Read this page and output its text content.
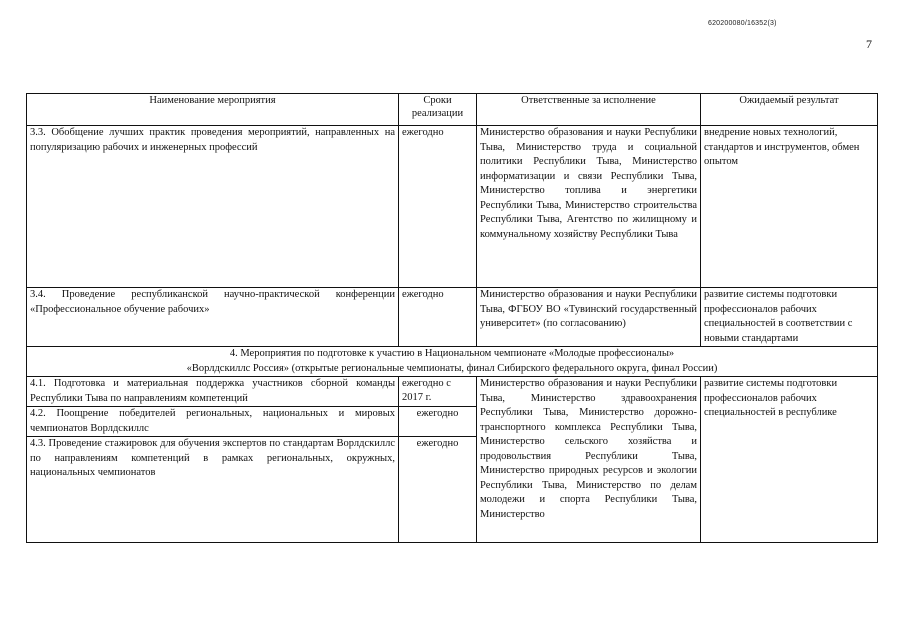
620200080/16352(3)
7
Наименование мероприятия	Сроки реализации	Ответственные за исполнение	Ожидаемый результат
3.3. Обобщение лучших практик проведения мероприятий, направленных на популяризацию рабочих и инженерных профессий	ежегодно	Министерство образования и науки Республики Тыва, Министерство труда и социальной политики Республики Тыва, Министерство информатизации и связи Республики Тыва, Министерство топлива и энергетики Республики Тыва, Министерство строительства Республики Тыва, Агентство по жилищному и коммунальному хозяйству Республики Тыва	внедрение новых технологий, стандартов и инструментов, обмен опытом
3.4. Проведение республиканской научно-практической конференции «Профессиональное обучение рабочих»	ежегодно	Министерство образования и науки Республики Тыва, ФГБОУ ВО «Тувинский государственный университет» (по согласованию)	развитие системы подготовки профессионалов рабочих специальностей в соответствии с новыми стандартами

4. Мероприятия по подготовке к участию в Национальном чемпионате «Молодые профессионалы»
«Ворлдскиллс Россия» (открытые региональные чемпионаты, финал Сибирского федерального округа, финал России)			

4.1. Подготовка и материальная поддержка участников сборной команды Республики Тыва по направлениям компетенций	ежегодно с 2017 г.	Министерство образования и науки Республики Тыва, Министерство здравоохранения Республики Тыва, Министерство дорожно-транспортного комплекса Республики Тыва, Министерство сельского хозяйства и продовольствия Республики Тыва, Министерство природных ресурсов и экологии Республики Тыва, Министерство по делам молодежи и спорта Республики Тыва, Министерство	развитие системы подготовки профессионалов рабочих специальностей в республике
4.2. Поощрение победителей региональных, национальных и мировых чемпионатов Ворлдскиллс	ежегодно		
4.3. Проведение стажировок для обучения экспертов по стандартам Ворлдскиллс по направлениям компетенций в рамках региональных, окружных, национальных чемпионатов	ежегодно		
